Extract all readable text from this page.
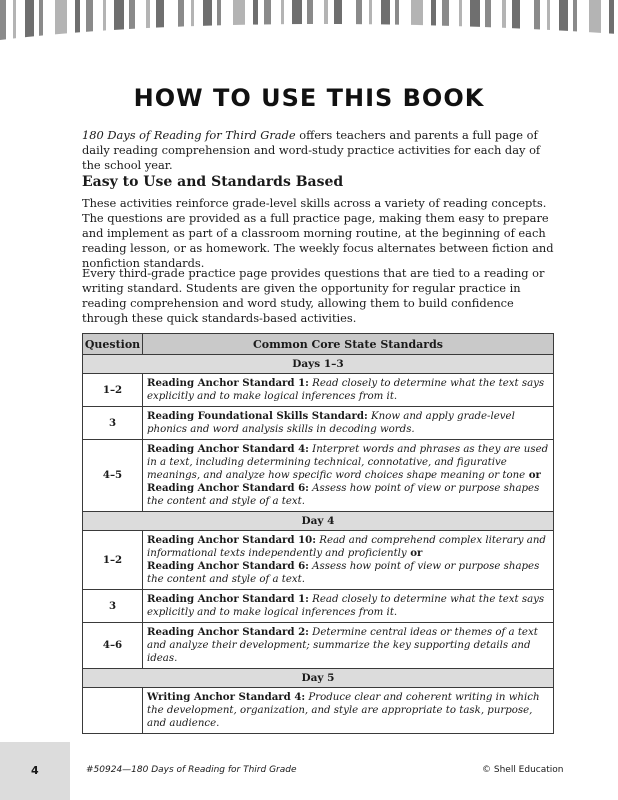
HOW TO USE THIS BOOK

180 Days of Reading for Third Grade offers teachers and parents a full page of daily reading comprehension and word-study practice activities for each day of the school year.

Easy to Use and Standards Based

These activities reinforce grade-level skills across a variety of reading concepts. The questions are provided as a full practice page, making them easy to prepare and implement as part of a classroom morning routine, at the beginning of each reading lesson, or as homework. The weekly focus alternates between fiction and nonfiction standards.

Every third-grade practice page provides questions that are tied to a reading or writing standard. Students are given the opportunity for regular practice in reading comprehension and word study, allowing them to build confidence through these quick standards-based activities.

Question	Common Core State Standards
Days 1–3	
1–2	Reading Anchor Standard 1: Read closely to determine what the text says explicitly and to make logical inferences from it.

3	Reading Foundational Skills Standard: Know and apply grade-level phonics and word analysis skills in decoding words.

4–5	Reading Anchor Standard 4: Interpret words and phrases as they are used in a text, including determining technical, connotative, and figurative meanings, and analyze how specific word choices shape meaning or tone or
Reading Anchor Standard 6: Assess how point of view or purpose shapes the content and style of a text.

Day 4	
1–2	Reading Anchor Standard 10: Read and comprehend complex literary and informational texts independently and proficiently or
Reading Anchor Standard 6: Assess how point of view or purpose shapes the content and style of a text.

3	Reading Anchor Standard 1: Read closely to determine what the text says explicitly and to make logical inferences from it.

4–6	Reading Anchor Standard 2: Determine central ideas or themes of a text and analyze their development; summarize the key supporting details and ideas.

Day 5	

	Writing Anchor Standard 4: Produce clear and coherent writing in which the development, organization, and style are appropriate to task, purpose, and audience.
4	#50924—180 Days of Reading for Third Grade	© Shell Education
